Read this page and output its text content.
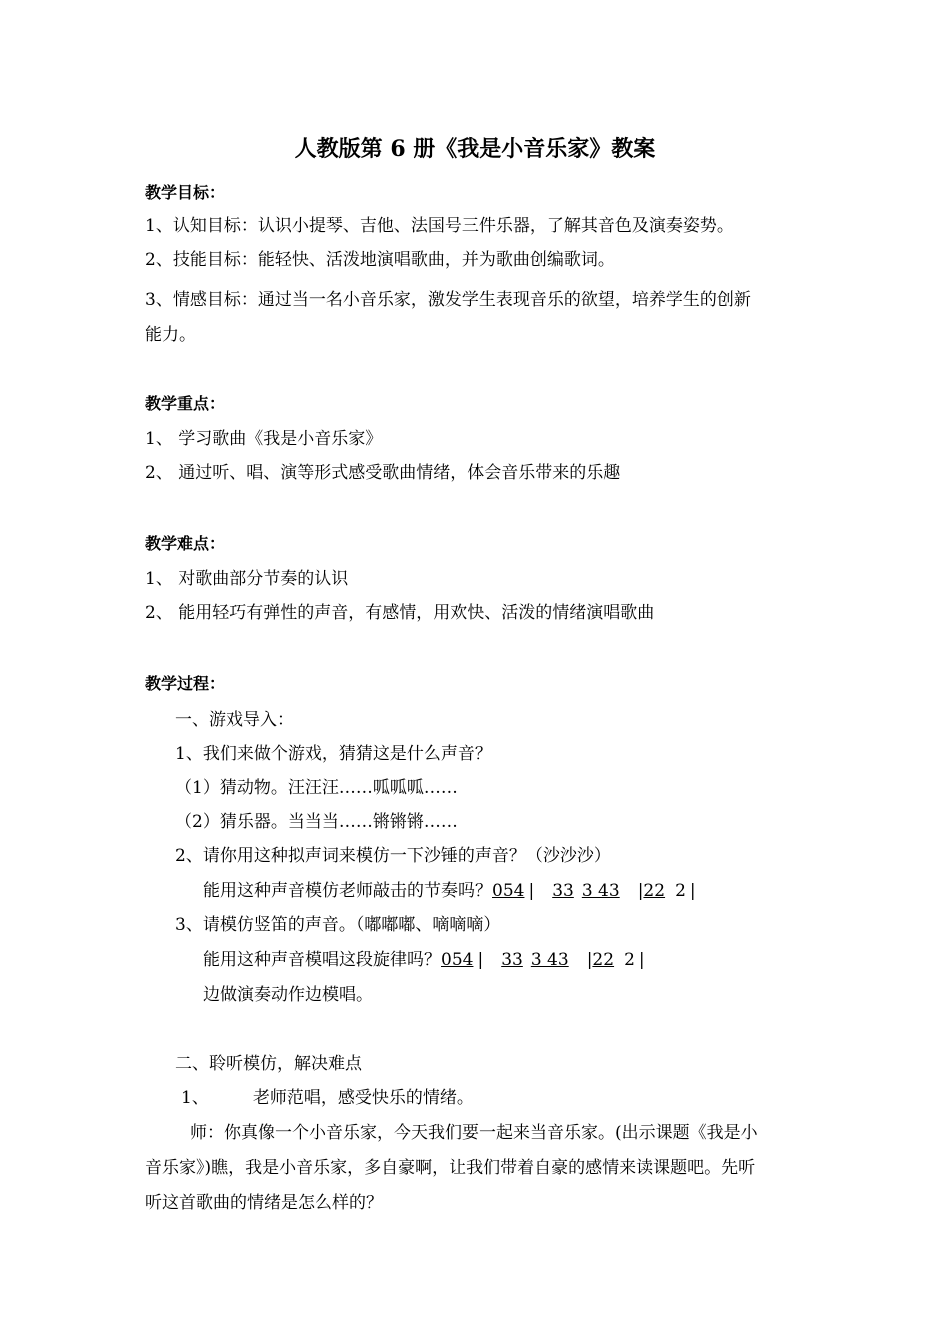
人教版第 6 册《我是小音乐家》教案
教学目标：
1、认知目标：认识小提琴、吉他、法国号三件乐器，了解其音色及演奏姿势。
2、技能目标：能轻快、活泼地演唱歌曲，并为歌曲创编歌词。
3、情感目标：通过当一名小音乐家，激发学生表现音乐的欲望，培养学生的创新
能力。
教学重点：
1、 学习歌曲《我是小音乐家》
2、 通过听、唱、演等形式感受歌曲情绪，体会音乐带来的乐趣
教学难点：
1、 对歌曲部分节奏的认识
2、 能用轻巧有弹性的声音，有感情，用欢快、活泼的情绪演唱歌曲
教学过程：
一、游戏导入：
1、我们来做个游戏，猜猜这是什么声音？
（1）猜动物。汪汪汪……呱呱呱……
（2）猜乐器。当当当……锵锵锵……
2、请你用这种拟声词来模仿一下沙锤的声音？（沙沙沙）
能用这种声音模仿老师敲击的节奏吗？054 | 33 3 43 |22 2 |
3、请模仿竖笛的声音。（嘟嘟嘟、嘀嘀嘀）
能用这种声音模唱这段旋律吗？054 | 33 3 43 |22 2 |
边做演奏动作边模唱。
二、聆听模仿，解决难点
1、	老师范唱，感受快乐的情绪。
师：你真像一个小音乐家，今天我们要一起来当音乐家。(出示课题《我是小
音乐家》)瞧，我是小音乐家，多自豪啊，让我们带着自豪的感情来读课题吧。先听
听这首歌曲的情绪是怎么样的？
